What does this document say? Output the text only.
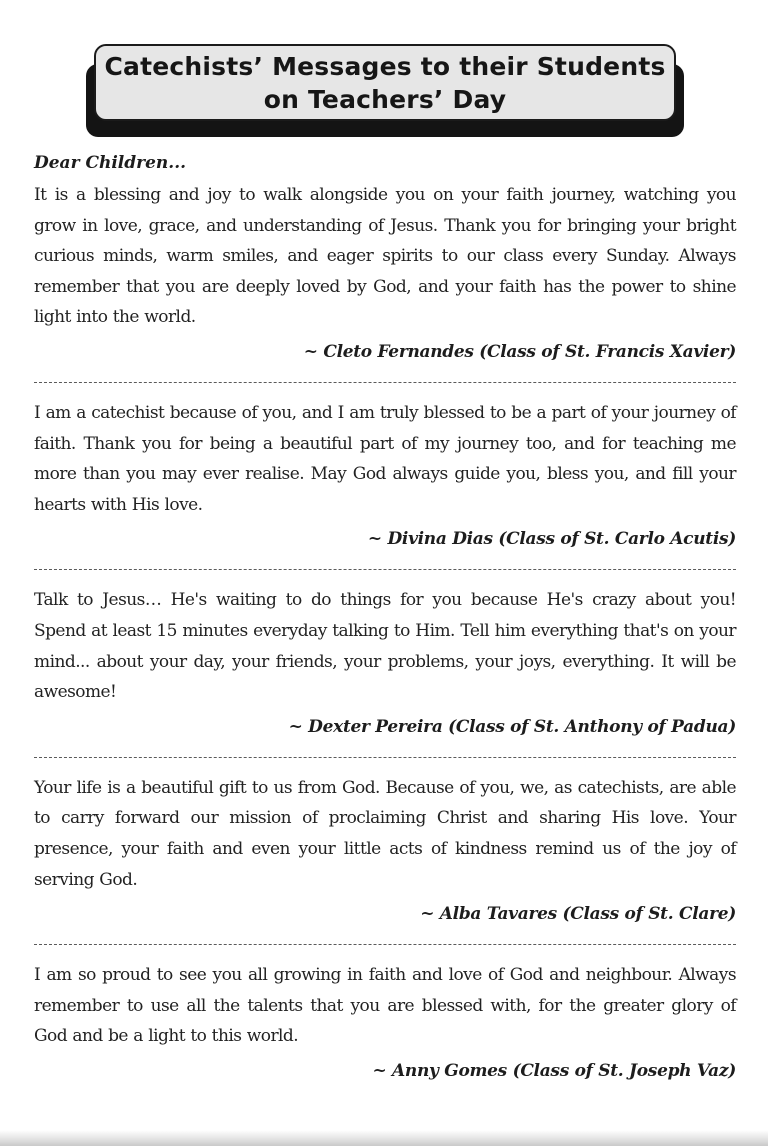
Catechists’ Messages to their Students
on Teachers’ Day

Dear Children...

It is a blessing and joy to walk alongside you on your faith journey, watching you grow in love, grace, and understanding of Jesus. Thank you for bringing your bright curious minds, warm smiles, and eager spirits to our class every Sunday. Always remember that you are deeply loved by God, and your faith has the power to shine light into the world.

~ Cleto Fernandes (Class of St. Francis Xavier)

I am a catechist because of you, and I am truly blessed to be a part of your journey of faith. Thank you for being a beautiful part of my journey too, and for teaching me more than you may ever realise. May God always guide you, bless you, and fill your hearts with His love.

~ Divina Dias (Class of St. Carlo Acutis)

Talk to Jesus… He's waiting to do things for you because He's crazy about you! Spend at least 15 minutes everyday talking to Him. Tell him everything that's on your mind... about your day, your friends, your problems, your joys, everything. It will be awesome!

~ Dexter Pereira (Class of St. Anthony of Padua)

Your life is a beautiful gift to us from God. Because of you, we, as catechists, are able to carry forward our mission of proclaiming Christ and sharing His love. Your presence, your faith and even your little acts of kindness remind us of the joy of serving God.

~ Alba Tavares (Class of St. Clare)

I am so proud to see you all growing in faith and love of God and neighbour. Always remember to use all the talents that you are blessed with, for the greater glory of God and be a light to this world.

~ Anny Gomes (Class of St. Joseph Vaz)
